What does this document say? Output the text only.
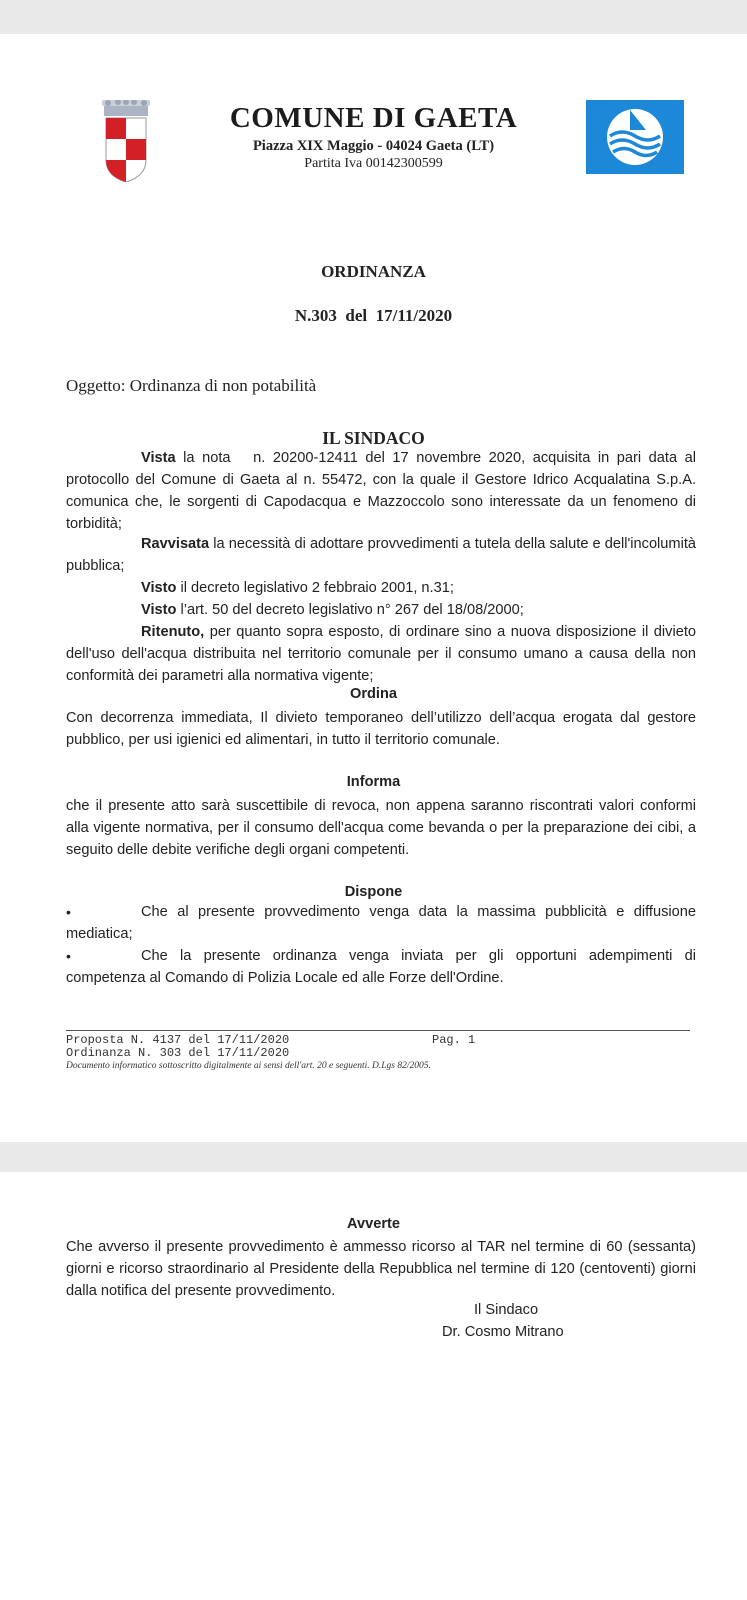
COMUNE DI GAETA
Piazza XIX Maggio - 04024 Gaeta (LT)
Partita Iva 00142300599
ORDINANZA
N.303  del  17/11/2020
Oggetto: Ordinanza di non potabilità
IL SINDACO
Vista la nota   n. 20200-12411 del 17 novembre 2020, acquisita in pari data al protocollo del Comune di Gaeta al n. 55472, con la quale il Gestore Idrico Acqualatina S.p.A. comunica che, le sorgenti di Capodacqua e Mazzoccolo sono interessate da un fenomeno di torbidità;
Ravvisata la necessità di adottare provvedimenti a tutela della salute e dell'incolumità pubblica;
Visto il decreto legislativo 2 febbraio 2001, n.31;
Visto l’art. 50 del decreto legislativo n° 267 del 18/08/2000;
Ritenuto, per quanto sopra esposto, di ordinare sino a nuova disposizione il divieto dell'uso dell'acqua distribuita nel territorio comunale per il consumo umano a causa della non conformità dei parametri alla normativa vigente;
Ordina
Con decorrenza immediata, Il divieto temporaneo dell’utilizzo dell’acqua erogata dal gestore pubblico, per usi igienici ed alimentari, in tutto il territorio comunale.
Informa
che il presente atto sarà suscettibile di revoca, non appena saranno riscontrati valori conformi alla vigente normativa, per il consumo dell'acqua come bevanda o per la preparazione dei cibi, a seguito delle debite verifiche degli organi competenti.
Dispone
•	Che al presente provvedimento venga data la massima pubblicità e diffusione mediatica;
•	Che la presente ordinanza venga inviata per gli opportuni adempimenti di competenza al Comando di Polizia Locale ed alle Forze dell'Ordine.
Proposta N. 4137 del 17/11/2020	Pag. 1
Ordinanza N. 303 del 17/11/2020
Documento informatico sottoscritto digitalmente ai sensi dell'art. 20 e seguenti. D.Lgs 82/2005.
Avverte
Che avverso il presente provvedimento è ammesso ricorso al TAR nel termine di 60 (sessanta) giorni e ricorso straordinario al Presidente della Repubblica nel termine di 120 (centoventi) giorni dalla notifica del presente provvedimento.
Il Sindaco
Dr. Cosmo Mitrano
